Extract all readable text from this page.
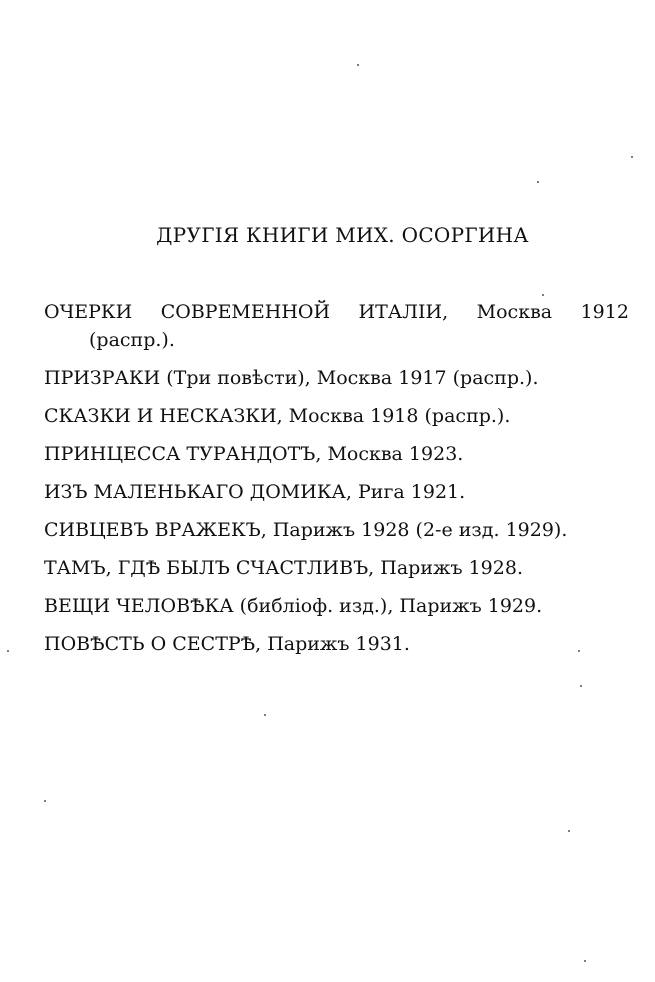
ДРУГІЯ КНИГИ МИХ. ОСОРГИНА
ОЧЕРКИ СОВРЕМЕННОЙ ИТАЛІИ, Москва 1912
(распр.).
ПРИЗРАКИ (Три повѣсти), Москва 1917 (распр.).
СКАЗКИ И НЕСКАЗКИ, Москва 1918 (распр.).
ПРИНЦЕССА ТУРАНДОТЪ, Москва 1923.
ИЗЪ МАЛЕНЬКАГО ДОМИКА, Рига 1921.
СИВЦЕВЪ ВРАЖЕКЪ, Парижъ 1928 (2-е изд. 1929).
ТАМЪ, ГДѢ БЫЛЪ СЧАСТЛИВЪ, Парижъ 1928.
ВЕЩИ ЧЕЛОВѢКА (библіоф. изд.), Парижъ 1929.
ПОВѢСТЬ О СЕСТРѢ, Парижъ 1931.
